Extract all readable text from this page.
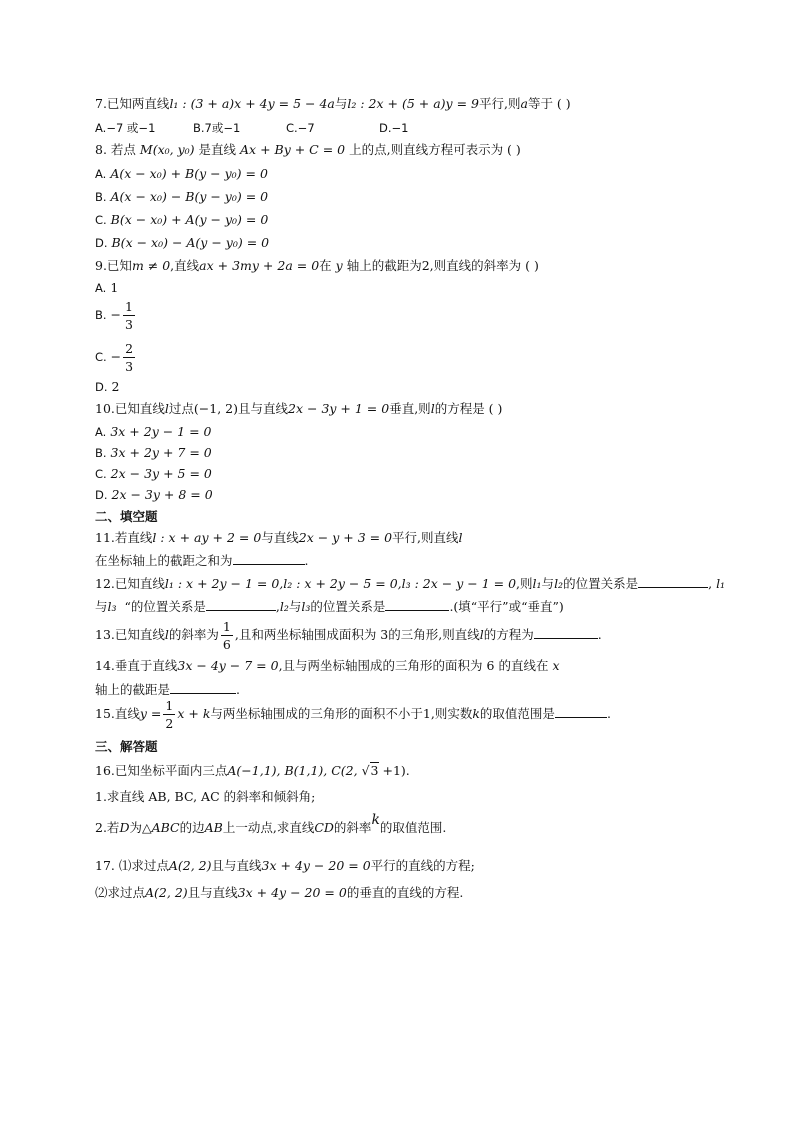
7.已知两直线l₁ : (3 + a)x + 4y = 5 − 4a与l₂ : 2x + (5 + a)y = 9平行,则a等于 ( )
A.−7 或−1	B.7或−1	C.−7	D.−1
8. 若点 M(x₀, y₀) 是直线 Ax + By + C = 0 上的点,则直线方程可表示为 ( )
A. A(x − x₀) + B(y − y₀) = 0
B. A(x − x₀) − B(y − y₀) = 0
C. B(x − x₀) + A(y − y₀) = 0
D. B(x − x₀) − A(y − y₀) = 0
9.已知m ≠ 0,直线ax + 3my + 2a = 0在 y 轴上的截距为2,则直线的斜率为 ( )
A. 1
B. − $\frac{1}{3}$
C. − $\frac{2}{3}$
D. 2
10.已知直线l过点(−1, 2)且与直线2x − 3y + 1 = 0垂直,则l的方程是 ( )
A. 3x + 2y − 1 = 0
B. 3x + 2y + 7 = 0
C. 2x − 3y + 5 = 0
D. 2x − 3y + 8 = 0
二、填空题
11.若直线l : x + ay + 2 = 0与直线2x − y + 3 = 0平行,则直线l
在坐标轴上的截距之和为	.
12.已知直线l₁ : x + 2y − 1 = 0,l₂ : x + 2y − 5 = 0,l₃ : 2x − y − 1 = 0,则l₁与l₂的位置关系是	, l₁
与l₃ “的位置关系是	,l₂与l₃的位置关系是	.(填“平行”或“垂直”)
13.已知直线l的斜率为 $\frac{1}{6}$ ,且和两坐标轴围成面积为 3的三角形,则直线l的方程为	.
14.垂直于直线3x − 4y − 7 = 0,且与两坐标轴围成的三角形的面积为 6 的直线在 x
轴上的截距是	.
15.直线$y = \frac{1}{2}$ x + k与两坐标轴围成的三角形的面积不小于1,则实数k的取值范围是	.
三、解答题
16.已知坐标平面内三点A(−1,1), B(1,1), C(2, √3 +1).
1.求直线 AB, BC, AC 的斜率和倾斜角;
2.若D为△ABC的边AB上一动点,求直线CD的斜率k的取值范围.
17. ⑴求过点A(2, 2)且与直线3x + 4y − 20 = 0平行的直线的方程;
⑵求过点A(2, 2)且与直线3x + 4y − 20 = 0的垂直的直线的方程.
